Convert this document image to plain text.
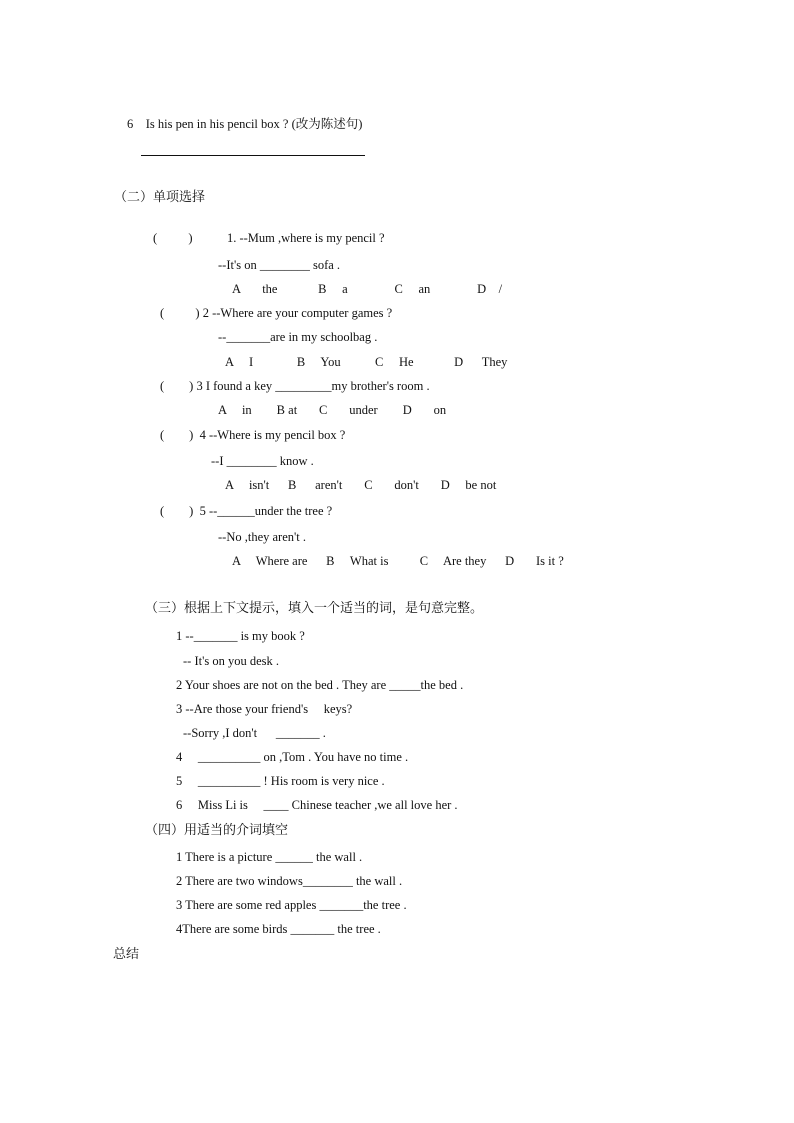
6    Is his pen in his pencil box ? (改为陈述句)
（二）单项选择
(          )           1. --Mum ,where is my pencil ?
--It's on ________ sofa .
A       the             B     a               C     an               D    /
(          ) 2 --Where are your computer games ?
--_______are in my schoolbag .
A     I              B     You           C     He             D      They
(        ) 3 I found a key _________my brother's room .
A     in        B at       C       under        D       on
(        )  4 --Where is my pencil box ?
--I ________ know .
A     isn't      B      aren't       C       don't       D     be not
(        )  5 --______under the tree ?
--No ,they aren't .
A     Where are      B     What is          C     Are they      D       Is it ?
（三）根据上下文提示，填入一个适当的词，是句意完整。
1 --_______ is my book ?
-- It's on you desk .
2 Your shoes are not on the bed . They are _____the bed .
3 --Are those your friend's     keys?
--Sorry ,I don't      _______ .
4     __________ on ,Tom . You have no time .
5     __________ ! His room is very nice .
6     Miss Li is     ____ Chinese teacher ,we all love her .
（四）用适当的介词填空
1 There is a picture ______ the wall .
2 There are two windows________ the wall .
3 There are some red apples _______the tree .
4There are some birds _______ the tree .
总结
